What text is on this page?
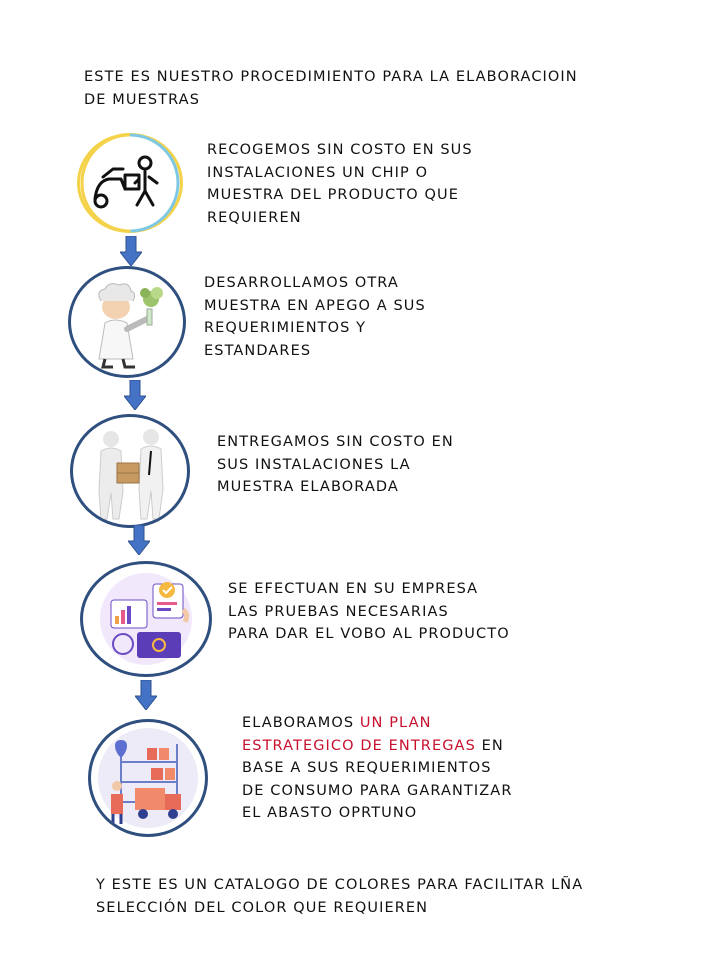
ESTE ES NUESTRO PROCEDIMIENTO PARA LA ELABORACIOIN
DE MUESTRAS
RECOGEMOS SIN COSTO EN SUS
INSTALACIONES UN CHIP O
MUESTRA DEL PRODUCTO QUE
REQUIEREN
DESARROLLAMOS OTRA
MUESTRA EN APEGO A SUS
REQUERIMIENTOS Y
ESTANDARES
ENTREGAMOS SIN COSTO EN
SUS INSTALACIONES LA
MUESTRA ELABORADA
SE EFECTUAN EN SU EMPRESA
LAS PRUEBAS NECESARIAS
PARA DAR EL VOBO AL PRODUCTO
ELABORAMOS UN PLAN
ESTRATEGICO DE ENTREGAS EN
BASE A SUS REQUERIMIENTOS
DE CONSUMO PARA GARANTIZAR
EL ABASTO OPRTUNO
Y ESTE ES UN CATALOGO DE COLORES PARA FACILITAR LÑA
SELECCIÓN DEL COLOR QUE REQUIEREN
